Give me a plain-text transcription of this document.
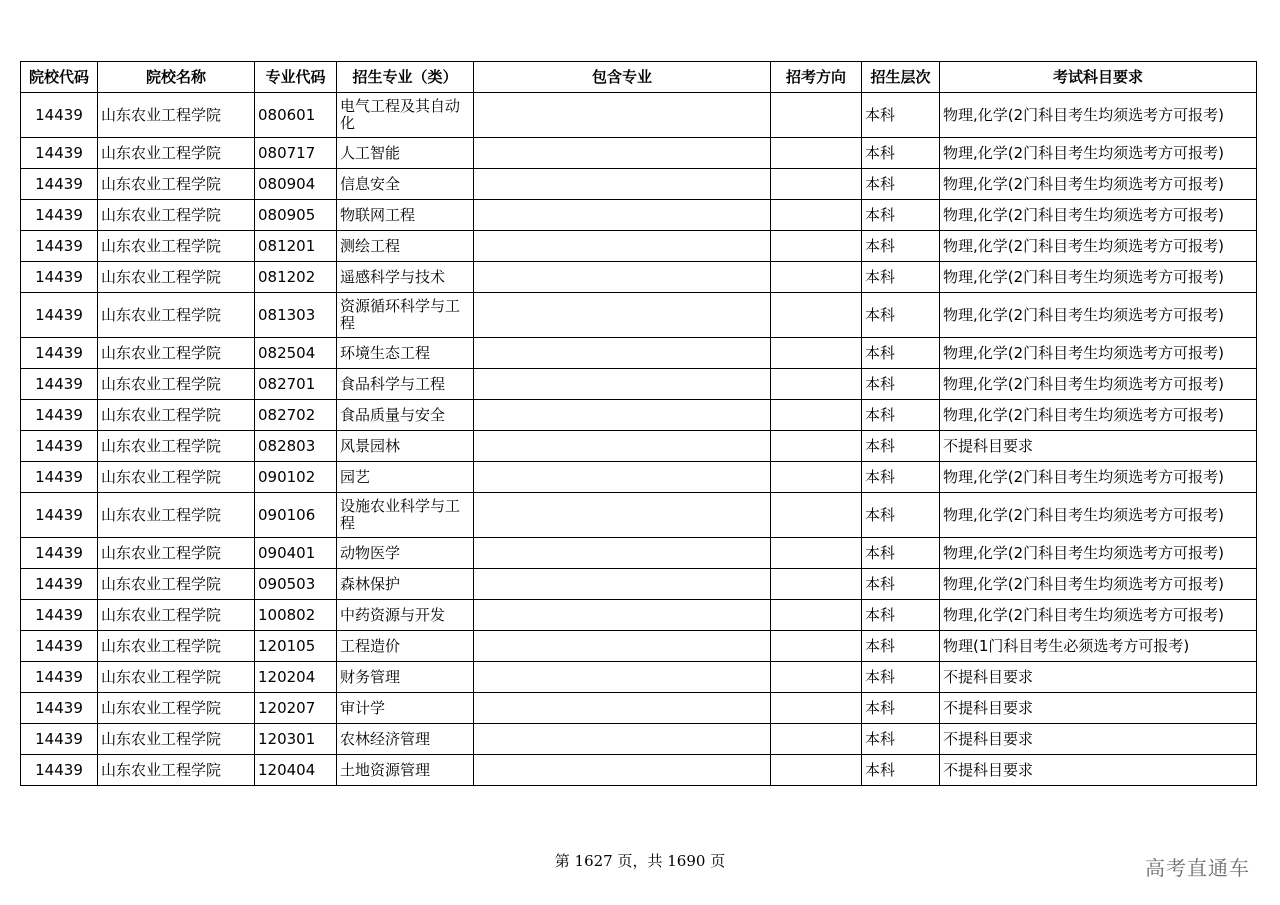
院校代码	院校名称	专业代码	招生专业（类）	包含专业	招考方向	招生层次	考试科目要求
14439	山东农业工程学院	080601	电气工程及其自动化			本科	物理,化学(2门科目考生均须选考方可报考)
14439	山东农业工程学院	080717	人工智能			本科	物理,化学(2门科目考生均须选考方可报考)
14439	山东农业工程学院	080904	信息安全			本科	物理,化学(2门科目考生均须选考方可报考)
14439	山东农业工程学院	080905	物联网工程			本科	物理,化学(2门科目考生均须选考方可报考)
14439	山东农业工程学院	081201	测绘工程			本科	物理,化学(2门科目考生均须选考方可报考)
14439	山东农业工程学院	081202	遥感科学与技术			本科	物理,化学(2门科目考生均须选考方可报考)
14439	山东农业工程学院	081303	资源循环科学与工程			本科	物理,化学(2门科目考生均须选考方可报考)
14439	山东农业工程学院	082504	环境生态工程			本科	物理,化学(2门科目考生均须选考方可报考)
14439	山东农业工程学院	082701	食品科学与工程			本科	物理,化学(2门科目考生均须选考方可报考)
14439	山东农业工程学院	082702	食品质量与安全			本科	物理,化学(2门科目考生均须选考方可报考)
14439	山东农业工程学院	082803	风景园林			本科	不提科目要求
14439	山东农业工程学院	090102	园艺			本科	物理,化学(2门科目考生均须选考方可报考)
14439	山东农业工程学院	090106	设施农业科学与工程			本科	物理,化学(2门科目考生均须选考方可报考)
14439	山东农业工程学院	090401	动物医学			本科	物理,化学(2门科目考生均须选考方可报考)
14439	山东农业工程学院	090503	森林保护			本科	物理,化学(2门科目考生均须选考方可报考)
14439	山东农业工程学院	100802	中药资源与开发			本科	物理,化学(2门科目考生均须选考方可报考)
14439	山东农业工程学院	120105	工程造价			本科	物理(1门科目考生必须选考方可报考)
14439	山东农业工程学院	120204	财务管理			本科	不提科目要求
14439	山东农业工程学院	120207	审计学			本科	不提科目要求
14439	山东农业工程学院	120301	农林经济管理			本科	不提科目要求
14439	山东农业工程学院	120404	土地资源管理			本科	不提科目要求
第 1627 页，共 1690 页	高考直通车
